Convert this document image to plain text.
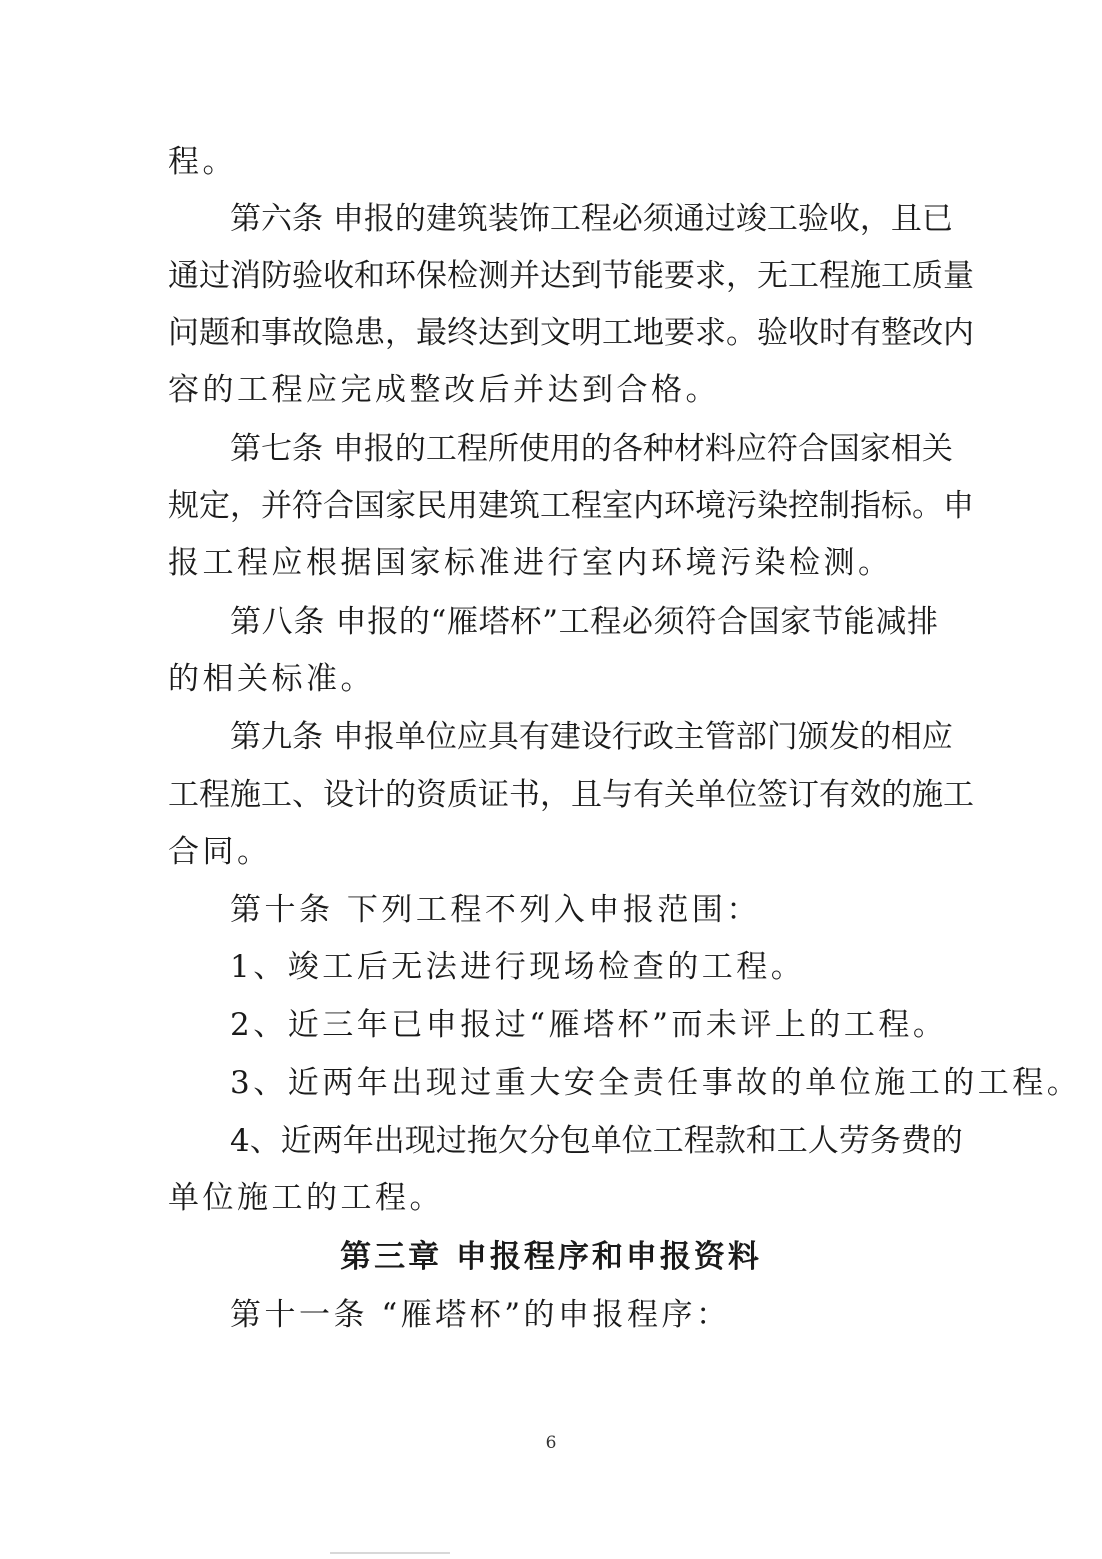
程。
第六条 申报的建筑装饰工程必须通过竣工验收，且已
通过消防验收和环保检测并达到节能要求，无工程施工质量
问题和事故隐患，最终达到文明工地要求。验收时有整改内
容的工程应完成整改后并达到合格。
第七条 申报的工程所使用的各种材料应符合国家相关
规定，并符合国家民用建筑工程室内环境污染控制指标。申
报工程应根据国家标准进行室内环境污染检测。
第八条 申报的“雁塔杯”工程必须符合国家节能减排
的相关标准。
第九条 申报单位应具有建设行政主管部门颁发的相应
工程施工、设计的资质证书，且与有关单位签订有效的施工
合同。
第十条 下列工程不列入申报范围：
1、竣工后无法进行现场检查的工程。
2、近三年已申报过“雁塔杯”而未评上的工程。
3、近两年出现过重大安全责任事故的单位施工的工程。
4、近两年出现过拖欠分包单位工程款和工人劳务费的
单位施工的工程。
第三章 申报程序和申报资料
第十一条 “雁塔杯”的申报程序：
6
